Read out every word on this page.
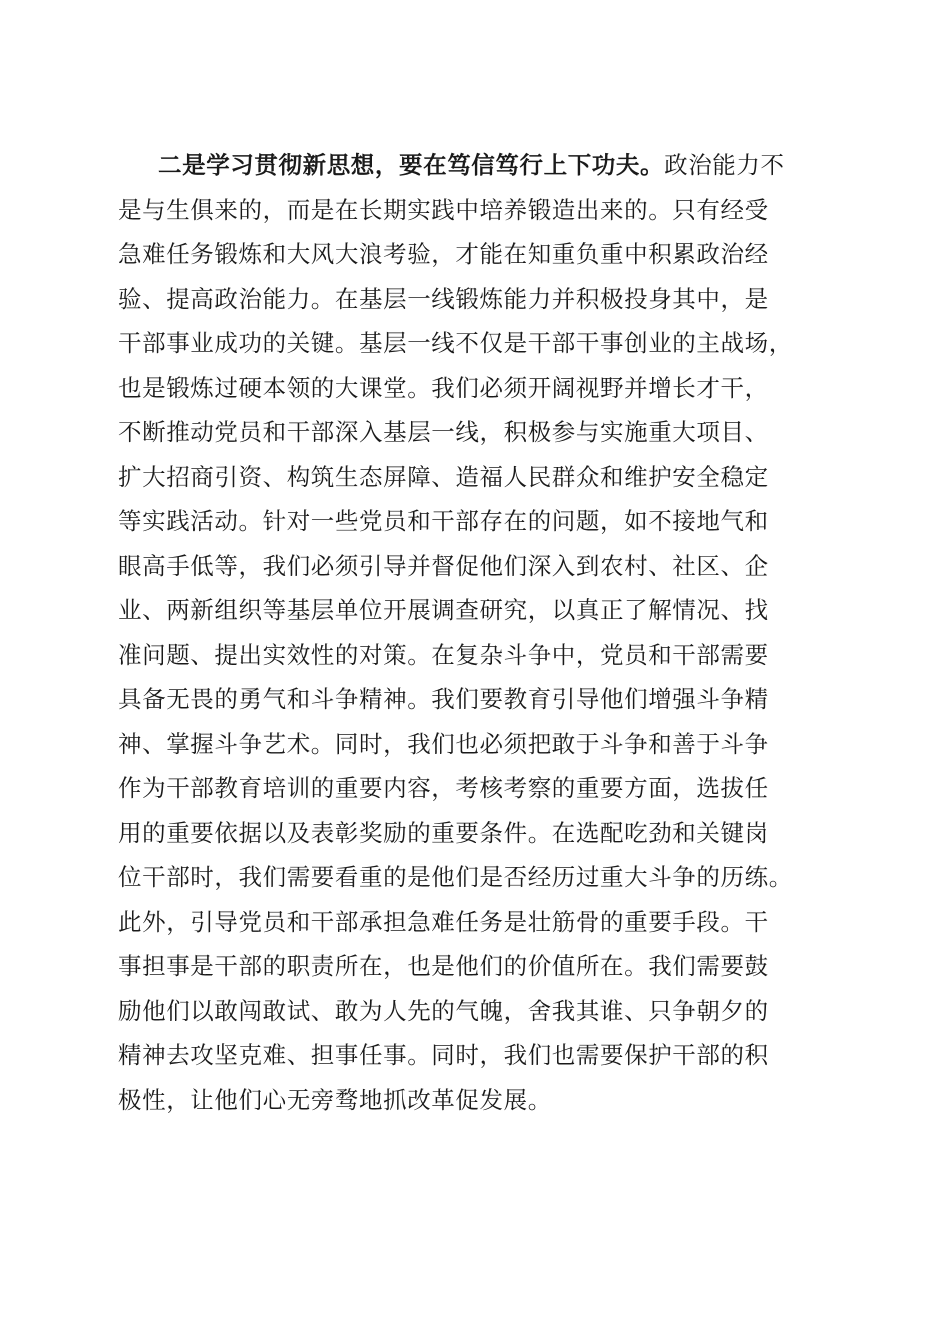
二是学习贯彻新思想，要在笃信笃行上下功夫。政治能力不
是与生俱来的，而是在长期实践中培养锻造出来的。只有经受
急难任务锻炼和大风大浪考验，才能在知重负重中积累政治经
验、提高政治能力。在基层一线锻炼能力并积极投身其中，是
干部事业成功的关键。基层一线不仅是干部干事创业的主战场，
也是锻炼过硬本领的大课堂。我们必须开阔视野并增长才干，
不断推动党员和干部深入基层一线，积极参与实施重大项目、
扩大招商引资、构筑生态屏障、造福人民群众和维护安全稳定
等实践活动。针对一些党员和干部存在的问题，如不接地气和
眼高手低等，我们必须引导并督促他们深入到农村、社区、企
业、两新组织等基层单位开展调查研究，以真正了解情况、找
准问题、提出实效性的对策。在复杂斗争中，党员和干部需要
具备无畏的勇气和斗争精神。我们要教育引导他们增强斗争精
神、掌握斗争艺术。同时，我们也必须把敢于斗争和善于斗争
作为干部教育培训的重要内容，考核考察的重要方面，选拔任
用的重要依据以及表彰奖励的重要条件。在选配吃劲和关键岗
位干部时，我们需要看重的是他们是否经历过重大斗争的历练。
此外，引导党员和干部承担急难任务是壮筋骨的重要手段。干
事担事是干部的职责所在，也是他们的价值所在。我们需要鼓
励他们以敢闯敢试、敢为人先的气魄，舍我其谁、只争朝夕的
精神去攻坚克难、担事任事。同时，我们也需要保护干部的积
极性，让他们心无旁骛地抓改革促发展。
